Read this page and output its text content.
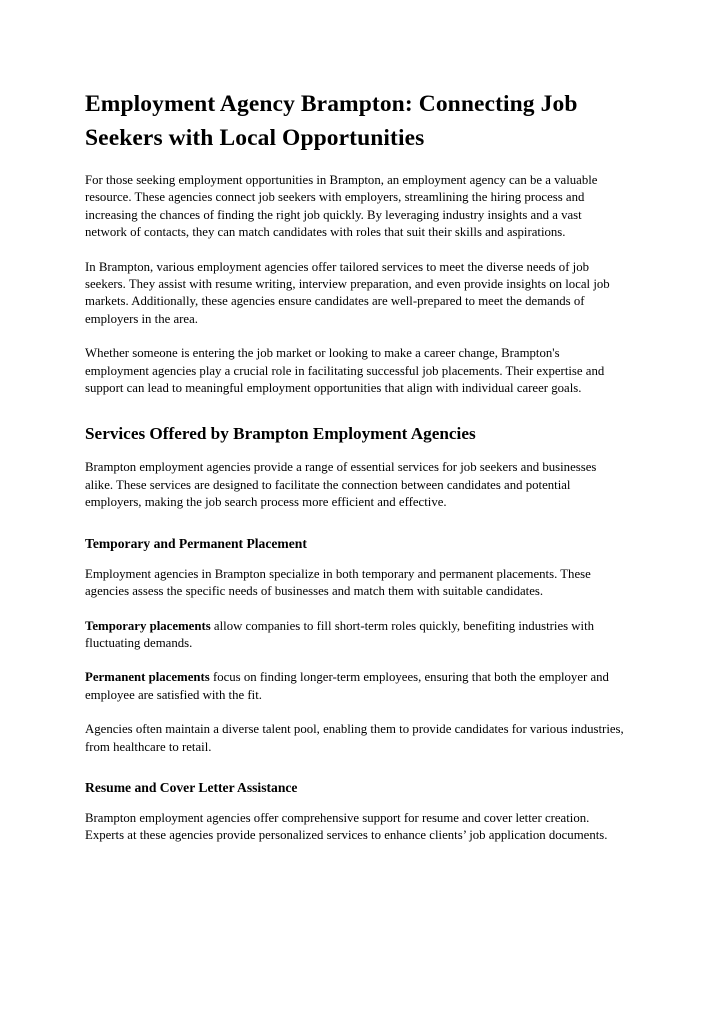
Employment Agency Brampton: Connecting Job Seekers with Local Opportunities

For those seeking employment opportunities in Brampton, an employment agency can be a valuable resource. These agencies connect job seekers with employers, streamlining the hiring process and increasing the chances of finding the right job quickly. By leveraging industry insights and a vast network of contacts, they can match candidates with roles that suit their skills and aspirations.

In Brampton, various employment agencies offer tailored services to meet the diverse needs of job seekers. They assist with resume writing, interview preparation, and even provide insights on local job markets. Additionally, these agencies ensure candidates are well-prepared to meet the demands of employers in the area.

Whether someone is entering the job market or looking to make a career change, Brampton's employment agencies play a crucial role in facilitating successful job placements. Their expertise and support can lead to meaningful employment opportunities that align with individual career goals.

Services Offered by Brampton Employment Agencies

Brampton employment agencies provide a range of essential services for job seekers and businesses alike. These services are designed to facilitate the connection between candidates and potential employers, making the job search process more efficient and effective.

Temporary and Permanent Placement

Employment agencies in Brampton specialize in both temporary and permanent placements. These agencies assess the specific needs of businesses and match them with suitable candidates.

Temporary placements allow companies to fill short-term roles quickly, benefiting industries with fluctuating demands.

Permanent placements focus on finding longer-term employees, ensuring that both the employer and employee are satisfied with the fit.

Agencies often maintain a diverse talent pool, enabling them to provide candidates for various industries, from healthcare to retail.

Resume and Cover Letter Assistance

Brampton employment agencies offer comprehensive support for resume and cover letter creation. Experts at these agencies provide personalized services to enhance clients’ job application documents.
